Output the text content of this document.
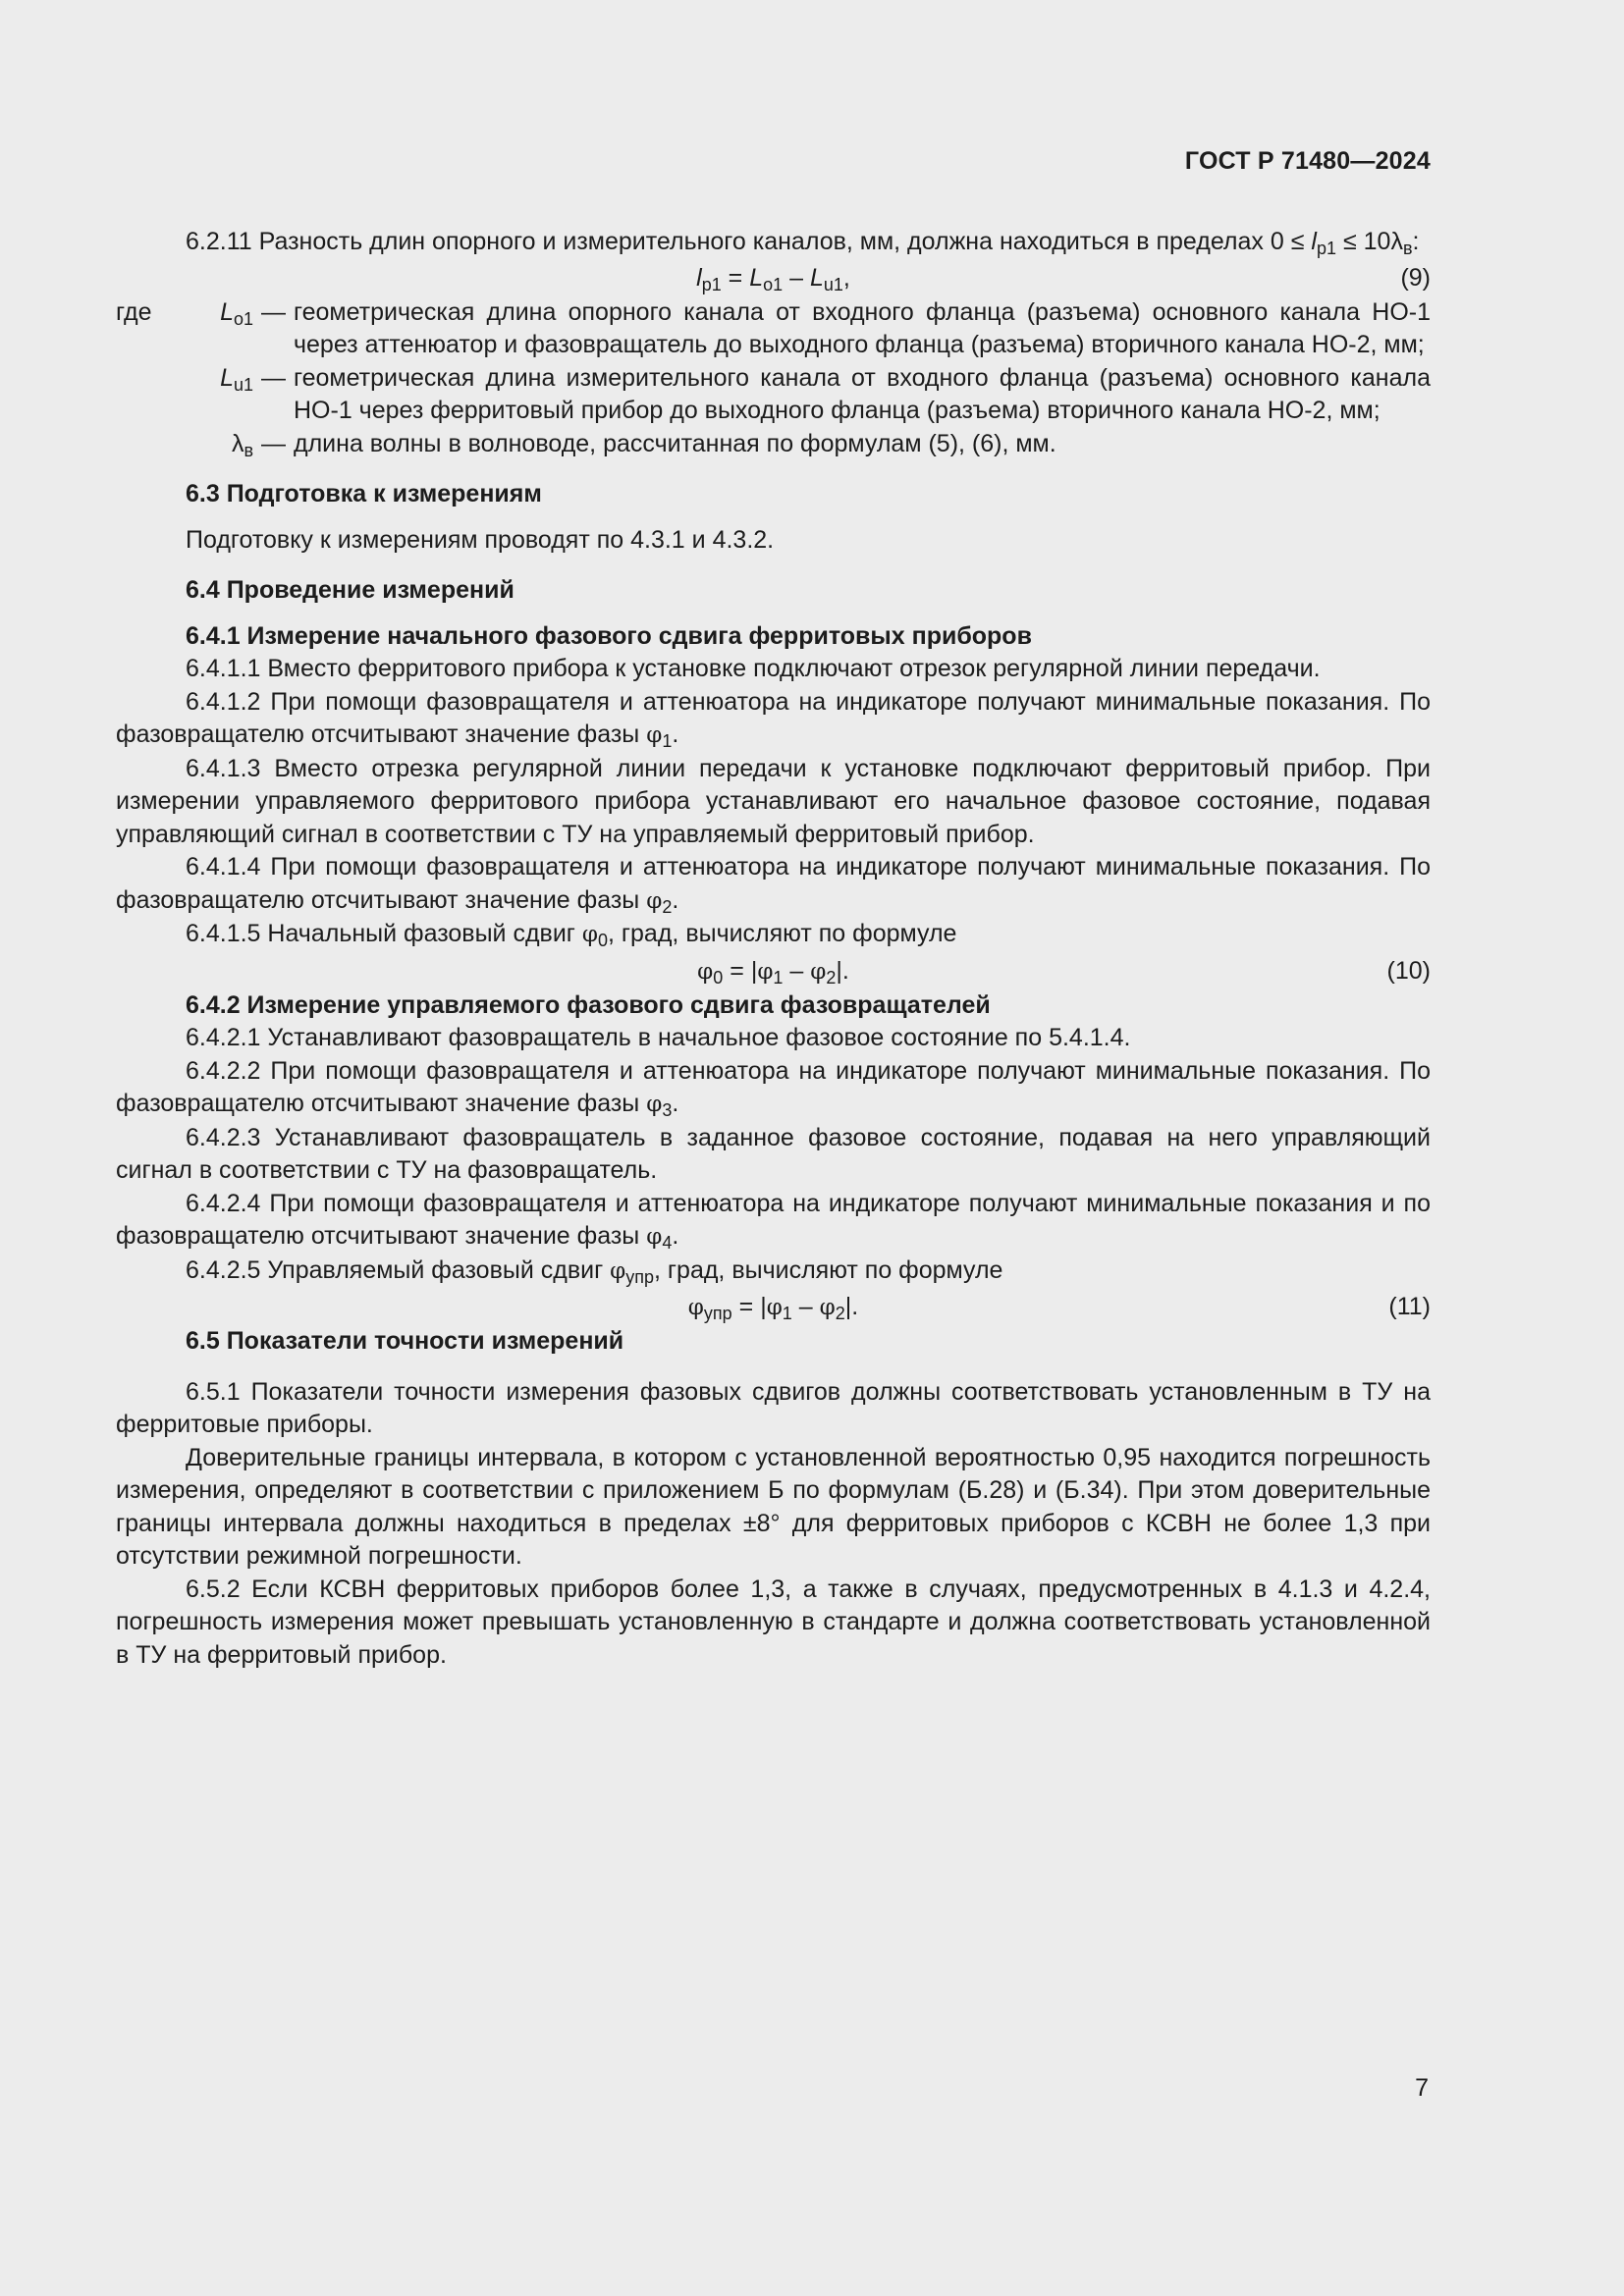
ГОСТ Р 71480—2024

6.2.11 Разность длин опорного и измерительного каналов, мм, должна находиться в пределах $0 \le l_{p1} \le 10\lambda_в$:

$l_{p1} = L_{o1} - L_{u1}$,	(9)
где $L_{o1}$	—	геометрическая длина опорного канала от входного фланца (разъема) основного канала НО-1 через аттенюатор и фазовращатель до выходного фланца (разъема) вторичного канала НО-2, мм;
$L_{u1}$	—	геометрическая длина измерительного канала от входного фланца (разъема) основного канала НО-1 через ферритовый прибор до выходного фланца (разъема) вторичного канала НО-2, мм;
$\lambda_в$	—	длина волны в волноводе, рассчитанная по формулам (5), (6), мм.
6.3 Подготовка к измерениям

Подготовку к измерениям проводят по 4.3.1 и 4.3.2.

6.4 Проведение измерений
6.4.1 Измерение начального фазового сдвига ферритовых приборов

6.4.1.1 Вместо ферритового прибора к установке подключают отрезок регулярной линии передачи.

6.4.1.2 При помощи фазовращателя и аттенюатора на индикаторе получают минимальные показания. По фазовращателю отсчитывают значение фазы $\varphi_1$.

6.4.1.3 Вместо отрезка регулярной линии передачи к установке подключают ферритовый прибор. При измерении управляемого ферритового прибора устанавливают его начальное фазовое состояние, подавая управляющий сигнал в соответствии с ТУ на управляемый ферритовый прибор.

6.4.1.4 При помощи фазовращателя и аттенюатора на индикаторе получают минимальные показания. По фазовращателю отсчитывают значение фазы $\varphi_2$.

6.4.1.5 Начальный фазовый сдвиг $\varphi_0$, град, вычисляют по формуле

$\varphi_0 = |\varphi_1 - \varphi_2|$.	(10)
6.4.2 Измерение управляемого фазового сдвига фазовращателей

6.4.2.1 Устанавливают фазовращатель в начальное фазовое состояние по 5.4.1.4.

6.4.2.2 При помощи фазовращателя и аттенюатора на индикаторе получают минимальные показания. По фазовращателю отсчитывают значение фазы $\varphi_3$.

6.4.2.3 Устанавливают фазовращатель в заданное фазовое состояние, подавая на него управляющий сигнал в соответствии с ТУ на фазовращатель.

6.4.2.4 При помощи фазовращателя и аттенюатора на индикаторе получают минимальные показания и по фазовращателю отсчитывают значение фазы $\varphi_4$.

6.4.2.5 Управляемый фазовый сдвиг $\varphi_{упр}$, град, вычисляют по формуле

$\varphi_{упр} = |\varphi_1 - \varphi_2|$.	(11)
6.5 Показатели точности измерений

6.5.1 Показатели точности измерения фазовых сдвигов должны соответствовать установленным в ТУ на ферритовые приборы.

Доверительные границы интервала, в котором с установленной вероятностью 0,95 находится погрешность измерения, определяют в соответствии с приложением Б по формулам (Б.28) и (Б.34). При этом доверительные границы интервала должны находиться в пределах ±8° для ферритовых приборов с КСВН не более 1,3 при отсутствии режимной погрешности.

6.5.2 Если КСВН ферритовых приборов более 1,3, а также в случаях, предусмотренных в 4.1.3 и 4.2.4, погрешность измерения может превышать установленную в стандарте и должна соответствовать установленной в ТУ на ферритовый прибор.

7
